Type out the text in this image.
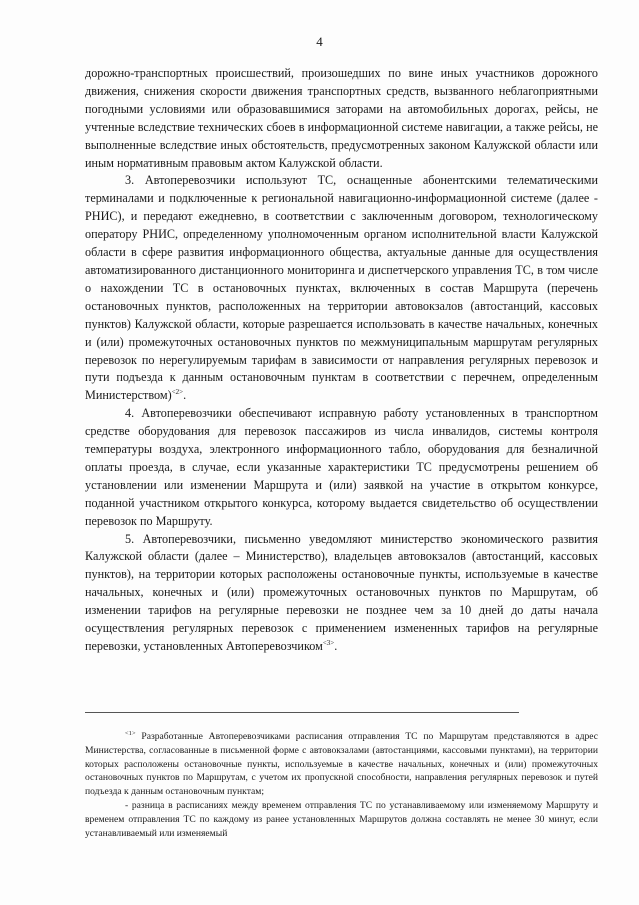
4

дорожно-транспортных происшествий, произошедших по вине иных участников дорожного движения, снижения скорости движения транспортных средств, вызванного неблагоприятными погодными условиями или образовавшимися заторами на автомобильных дорогах, рейсы, не учтенные вследствие технических сбоев в информационной системе навигации, а также рейсы, не выполненные вследствие иных обстоятельств, предусмотренных законом Калужской области или иным нормативным правовым актом Калужской области.

3. Автоперевозчики используют ТС, оснащенные абонентскими телематическими терминалами и подключенные к региональной навигационно-информационной системе (далее - РНИС), и передают ежедневно, в соответствии с заключенным договором, технологическому оператору РНИС, определенному уполномоченным органом исполнительной власти Калужской области в сфере развития информационного общества, актуальные данные для осуществления автоматизированного дистанционного мониторинга и диспетчерского управления ТС, в том числе о нахождении ТС в остановочных пунктах, включенных в состав Маршрута (перечень остановочных пунктов, расположенных на территории автовокзалов (автостанций, кассовых пунктов) Калужской области, которые разрешается использовать в качестве начальных, конечных и (или) промежуточных остановочных пунктов по межмуниципальным маршрутам регулярных перевозок по нерегулируемым тарифам в зависимости от направления регулярных перевозок и пути подъезда к данным остановочным пунктам в соответствии с перечнем, определенным Министерством)$^{<2>}$.

4. Автоперевозчики обеспечивают исправную работу установленных в транспортном средстве оборудования для перевозок пассажиров из числа инвалидов, системы контроля температуры воздуха, электронного информационного табло, оборудования для безналичной оплаты проезда, в случае, если указанные характеристики ТС предусмотрены решением об установлении или изменении Маршрута и (или) заявкой на участие в открытом конкурсе, поданной участником открытого конкурса, которому выдается свидетельство об осуществлении перевозок по Маршруту.

5. Автоперевозчики, письменно уведомляют министерство экономического развития Калужской области (далее – Министерство), владельцев автовокзалов (автостанций, кассовых пунктов), на территории которых расположены остановочные пункты, используемые в качестве начальных, конечных и (или) промежуточных остановочных пунктов по Маршрутам, об изменении тарифов на регулярные перевозки не позднее чем за 10 дней до даты начала осуществления регулярных перевозок с применением измененных тарифов на регулярные перевозки, установленных Автоперевозчиком$^{<3>}$.

$^{<1>}$ Разработанные Автоперевозчиками расписания отправления ТС по Маршрутам представляются в адрес Министерства, согласованные в письменной форме с автовокзалами (автостанциями, кассовыми пунктами), на территории которых расположены остановочные пункты, используемые в качестве начальных, конечных и (или) промежуточных остановочных пунктов по Маршрутам, с учетом их пропускной способности, направления регулярных перевозок и путей подъезда к данным остановочным пунктам;

- разница в расписаниях между временем отправления ТС по устанавливаемому или изменяемому Маршруту и временем отправления ТС по каждому из ранее установленных Маршрутов должна составлять не менее 30 минут, если устанавливаемый или изменяемый
